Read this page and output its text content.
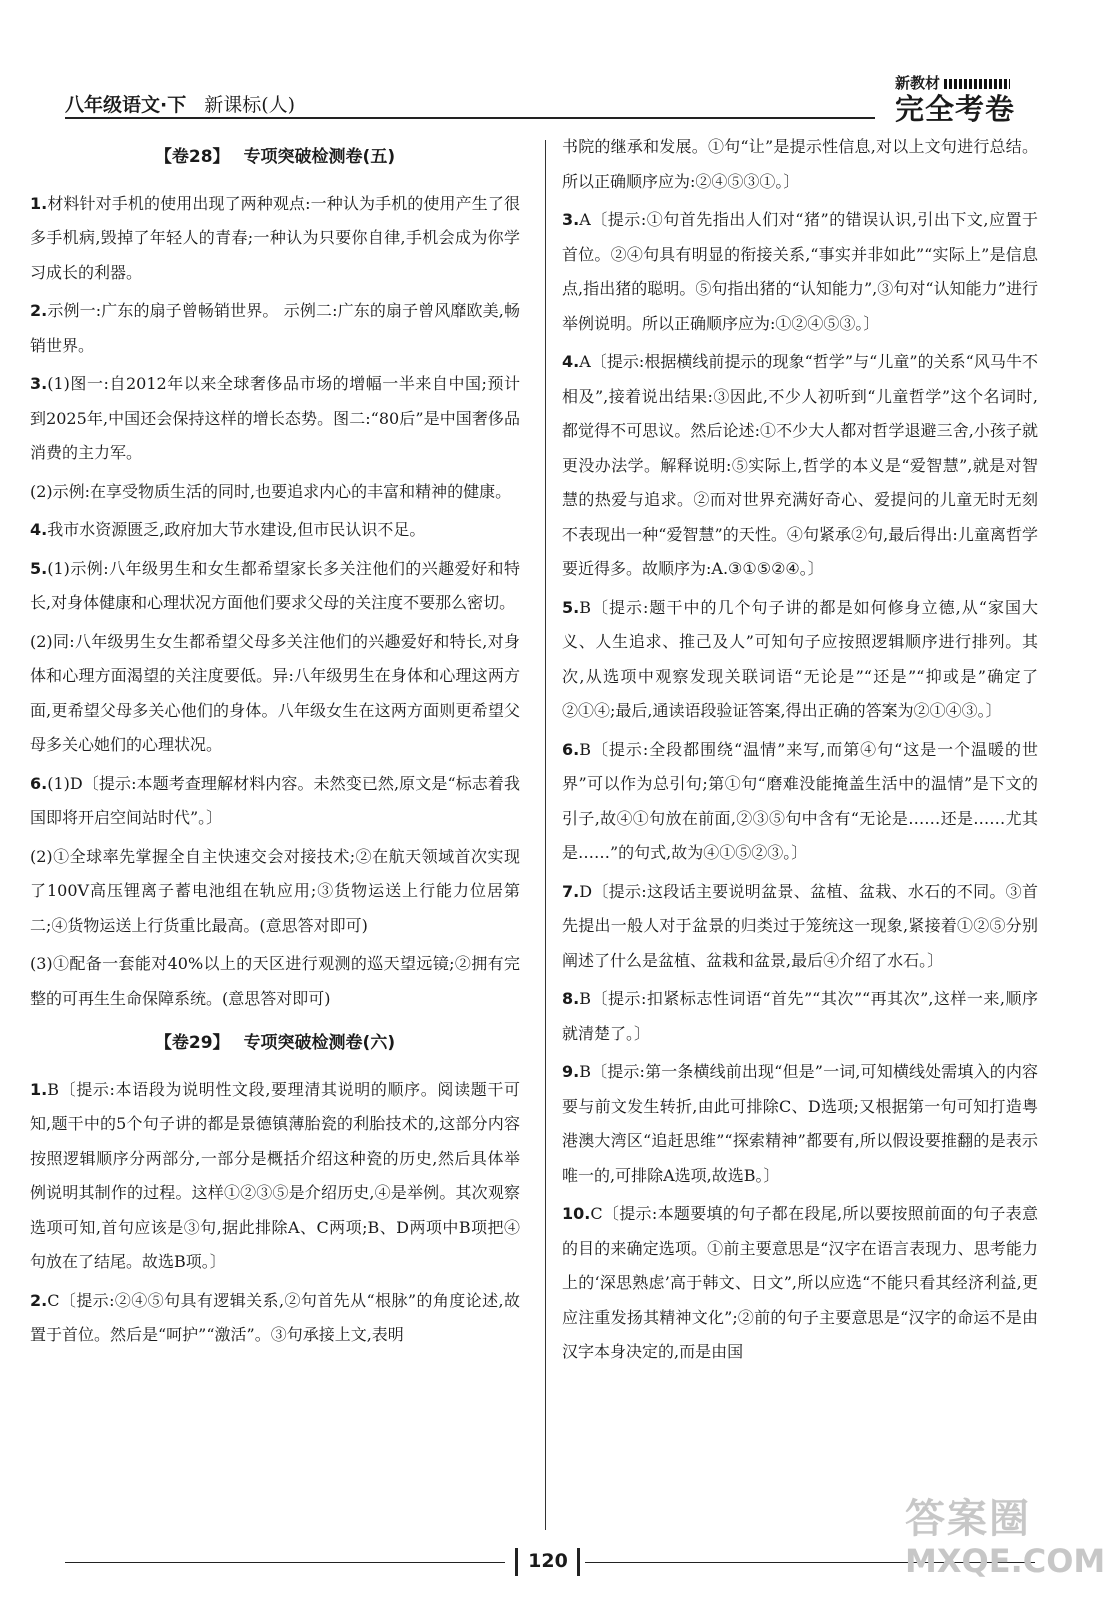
八年级语文·下 新课标(人)
新教材
完全考卷
【卷28】 专项突破检测卷(五)
1.材料针对手机的使用出现了两种观点:一种认为手机的使用产生了很多手机病,毁掉了年轻人的青春;一种认为只要你自律,手机会成为你学习成长的利器。
2.示例一:广东的扇子曾畅销世界。 示例二:广东的扇子曾风靡欧美,畅销世界。
3.(1)图一:自2012年以来全球奢侈品市场的增幅一半来自中国;预计到2025年,中国还会保持这样的增长态势。图二:“80后”是中国奢侈品消费的主力军。
(2)示例:在享受物质生活的同时,也要追求内心的丰富和精神的健康。
4.我市水资源匮乏,政府加大节水建设,但市民认识不足。
5.(1)示例:八年级男生和女生都希望家长多关注他们的兴趣爱好和特长,对身体健康和心理状况方面他们要求父母的关注度不要那么密切。
(2)同:八年级男生女生都希望父母多关注他们的兴趣爱好和特长,对身体和心理方面渴望的关注度要低。异:八年级男生在身体和心理这两方面,更希望父母多关心他们的身体。八年级女生在这两方面则更希望父母多关心她们的心理状况。
6.(1)D〔提示:本题考查理解材料内容。未然变已然,原文是“标志着我国即将开启空间站时代”。〕
(2)①全球率先掌握全自主快速交会对接技术;②在航天领域首次实现了100V高压锂离子蓄电池组在轨应用;③货物运送上行能力位居第二;④货物运送上行货重比最高。(意思答对即可)
(3)①配备一套能对40%以上的天区进行观测的巡天望远镜;②拥有完整的可再生生命保障系统。(意思答对即可)
【卷29】 专项突破检测卷(六)
1.B〔提示:本语段为说明性文段,要理清其说明的顺序。阅读题干可知,题干中的5个句子讲的都是景德镇薄胎瓷的利胎技术的,这部分内容按照逻辑顺序分两部分,一部分是概括介绍这种瓷的历史,然后具体举例说明其制作的过程。这样①②③⑤是介绍历史,④是举例。其次观察选项可知,首句应该是③句,据此排除A、C两项;B、D两项中B项把④句放在了结尾。故选B项。〕
2.C〔提示:②④⑤句具有逻辑关系,②句首先从“根脉”的角度论述,故置于首位。然后是“呵护”“激活”。③句承接上文,表明
书院的继承和发展。①句“让”是提示性信息,对以上文句进行总结。所以正确顺序应为:②④⑤③①。〕
3.A〔提示:①句首先指出人们对“猪”的错误认识,引出下文,应置于首位。②④句具有明显的衔接关系,“事实并非如此”“实际上”是信息点,指出猪的聪明。⑤句指出猪的“认知能力”,③句对“认知能力”进行举例说明。所以正确顺序应为:①②④⑤③。〕
4.A〔提示:根据横线前提示的现象“哲学”与“儿童”的关系“风马牛不相及”,接着说出结果:③因此,不少人初听到“儿童哲学”这个名词时,都觉得不可思议。然后论述:①不少大人都对哲学退避三舍,小孩子就更没办法学。解释说明:⑤实际上,哲学的本义是“爱智慧”,就是对智慧的热爱与追求。②而对世界充满好奇心、爱提问的儿童无时无刻不表现出一种“爱智慧”的天性。④句紧承②句,最后得出:儿童离哲学要近得多。故顺序为:A.③①⑤②④。〕
5.B〔提示:题干中的几个句子讲的都是如何修身立德,从“家国大义、人生追求、推己及人”可知句子应按照逻辑顺序进行排列。其次,从选项中观察发现关联词语“无论是”“还是”“抑或是”确定了②①④;最后,通读语段验证答案,得出正确的答案为②①④③。〕
6.B〔提示:全段都围绕“温情”来写,而第④句“这是一个温暖的世界”可以作为总引句;第①句“磨难没能掩盖生活中的温情”是下文的引子,故④①句放在前面,②③⑤句中含有“无论是……还是……尤其是……”的句式,故为④①⑤②③。〕
7.D〔提示:这段话主要说明盆景、盆植、盆栽、水石的不同。③首先提出一般人对于盆景的归类过于笼统这一现象,紧接着①②⑤分别阐述了什么是盆植、盆栽和盆景,最后④介绍了水石。〕
8.B〔提示:扣紧标志性词语“首先”“其次”“再其次”,这样一来,顺序就清楚了。〕
9.B〔提示:第一条横线前出现“但是”一词,可知横线处需填入的内容要与前文发生转折,由此可排除C、D选项;又根据第一句可知打造粤港澳大湾区“追赶思维”“探索精神”都要有,所以假设要推翻的是表示唯一的,可排除A选项,故选B。〕
10.C〔提示:本题要填的句子都在段尾,所以要按照前面的句子表意的目的来确定选项。①前主要意思是“汉字在语言表现力、思考能力上的‘深思熟虑’高于韩文、日文”,所以应选“不能只看其经济利益,更应注重发扬其精神文化”;②前的句子主要意思是“汉字的命运不是由汉字本身决定的,而是由国
120
答案圈
MXQE.COM
